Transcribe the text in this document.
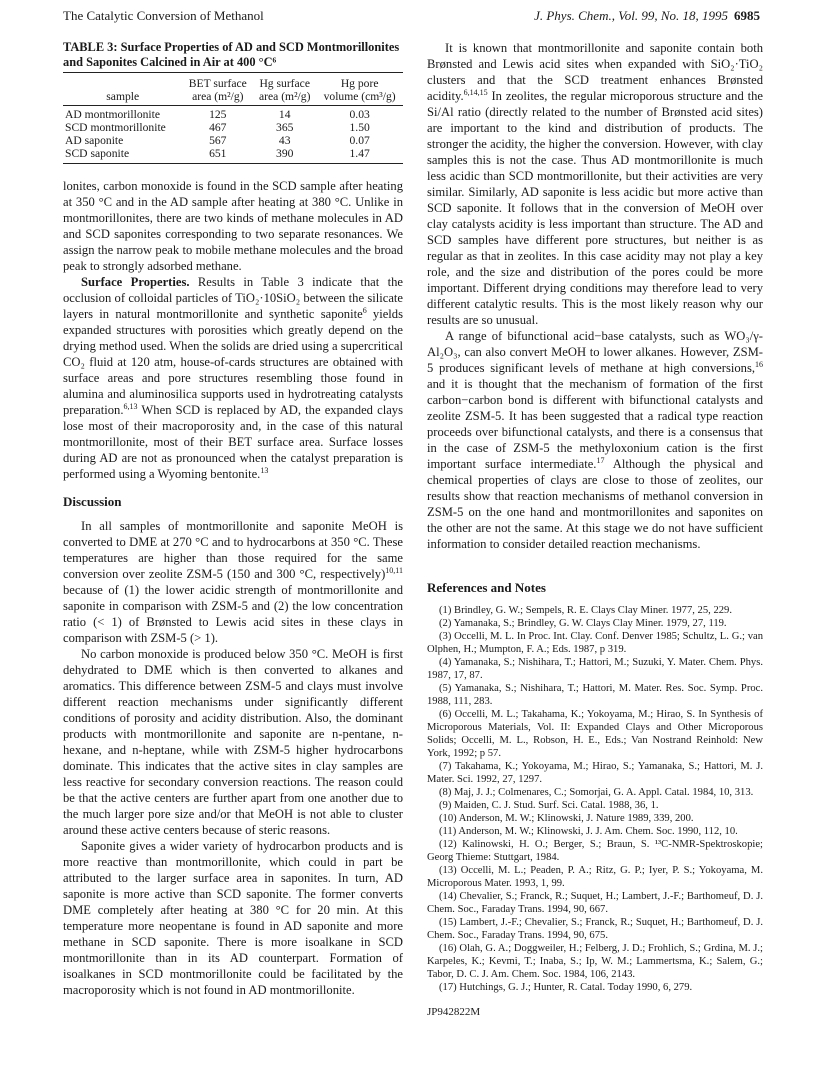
The Catalytic Conversion of Methanol	J. Phys. Chem., Vol. 99, No. 18, 1995 6985
TABLE 3: Surface Properties of AD and SCD Montmorillonites and Saponites Calcined in Air at 400 °C⁶
	BET surface	Hg surface	Hg pore
sample	area (m²/g)	area (m²/g)	volume (cm³/g)
AD montmorillonite	125	14	0.03
SCD montmorillonite	467	365	1.50
AD saponite	567	43	0.07
SCD saponite	651	390	1.47

lonites, carbon monoxide is found in the SCD sample after heating at 350 °C and in the AD sample after heating at 380 °C. Unlike in montmorillonites, there are two kinds of methane molecules in AD and SCD saponites corresponding to two separate resonances. We assign the narrow peak to mobile methane molecules and the broad peak to strongly adsorbed methane.

Surface Properties. Results in Table 3 indicate that the occlusion of colloidal particles of TiO₂·10SiO₂ between the silicate layers in natural montmorillonite and synthetic saponite$^6$ yields expanded structures with porosities which greatly depend on the drying method used. When the solids are dried using a supercritical CO₂ fluid at 120 atm, house-of-cards structures are obtained with surface areas and pore structures resembling those found in alumina and aluminosilica supports used in hydrotreating catalysts preparation.$^{6,13}$ When SCD is replaced by AD, the expanded clays lose most of their macroporosity and, in the case of this natural montmorillonite, most of their BET surface area. Surface losses during AD are not as pronounced when the catalyst preparation is performed using a Wyoming bentonite.$^{13}$

Discussion

In all samples of montmorillonite and saponite MeOH is converted to DME at 270 °C and to hydrocarbons at 350 °C. These temperatures are higher than those required for the same conversion over zeolite ZSM-5 (150 and 300 °C, respectively)$^{10,11}$ because of (1) the lower acidic strength of montmorillonite and saponite in comparison with ZSM-5 and (2) the low concentration ratio (< 1) of Brønsted to Lewis acid sites in these clays in comparison with ZSM-5 (> 1).

No carbon monoxide is produced below 350 °C. MeOH is first dehydrated to DME which is then converted to alkanes and aromatics. This difference between ZSM-5 and clays must involve different reaction mechanisms under significantly different conditions of porosity and acidity distribution. Also, the dominant products with montmorillonite and saponite are n-pentane, n-hexane, and n-heptane, while with ZSM-5 higher hydrocarbons dominate. This indicates that the active sites in clay samples are less reactive for secondary conversion reactions. The reason could be that the active centers are further apart from one another due to the much larger pore size and/or that MeOH is not able to cluster around these active centers because of steric reasons.

Saponite gives a wider variety of hydrocarbon products and is more reactive than montmorillonite, which could in part be attributed to the larger surface area in saponites. In turn, AD saponite is more active than SCD saponite. The former converts DME completely after heating at 380 °C for 20 min. At this temperature more neopentane is found in AD saponite and more methane in SCD saponite. There is more isoalkane in SCD montmorillonite than in its AD counterpart. Formation of isoalkanes in SCD montmorillonite could be facilitated by the macroporosity which is not found in AD montmorillonite.

It is known that montmorillonite and saponite contain both Brønsted and Lewis acid sites when expanded with SiO₂·TiO₂ clusters and that the SCD treatment enhances Brønsted acidity.$^{6,14,15}$ In zeolites, the regular microporous structure and the Si/Al ratio (directly related to the number of Brønsted acid sites) are important to the kind and distribution of products. The stronger the acidity, the higher the conversion. However, with clay samples this is not the case. Thus AD montmorillonite is much less acidic than SCD montmorillonite, but their activities are very similar. Similarly, AD saponite is less acidic but more active than SCD saponite. It follows that in the conversion of MeOH over clay catalysts acidity is less important than structure. The AD and SCD samples have different pore structures, but neither is as regular as that in zeolites. In this case acidity may not play a key role, and the size and distribution of the pores could be more important. Different drying conditions may therefore lead to very different catalytic results. This is the most likely reason why our results are so unusual.

A range of bifunctional acid−base catalysts, such as WO₃/γ-Al₂O₃, can also convert MeOH to lower alkanes. However, ZSM-5 produces significant levels of methane at high conversions,$^{16}$ and it is thought that the mechanism of formation of the first carbon−carbon bond is different with bifunctional catalysts and zeolite ZSM-5. It has been suggested that a radical type reaction proceeds over bifunctional catalysts, and there is a consensus that in the case of ZSM-5 the methyloxonium cation is the first important surface intermediate.$^{17}$ Although the physical and chemical properties of clays are close to those of zeolites, our results show that reaction mechanisms of methanol conversion in ZSM-5 on the one hand and montmorillonites and saponites on the other are not the same. At this stage we do not have sufficient information to consider detailed reaction mechanisms.

References and Notes

(1) Brindley, G. W.; Sempels, R. E. Clays Clay Miner. 1977, 25, 229.

(2) Yamanaka, S.; Brindley, G. W. Clays Clay Miner. 1979, 27, 119.

(3) Occelli, M. L. In Proc. Int. Clay. Conf. Denver 1985; Schultz, L. G.; van Olphen, H.; Mumpton, F. A.; Eds. 1987, p 319.

(4) Yamanaka, S.; Nishihara, T.; Hattori, M.; Suzuki, Y. Mater. Chem. Phys. 1987, 17, 87.

(5) Yamanaka, S.; Nishihara, T.; Hattori, M. Mater. Res. Soc. Symp. Proc. 1988, 111, 283.

(6) Occelli, M. L.; Takahama, K.; Yokoyama, M.; Hirao, S. In Synthesis of Microporous Materials, Vol. II: Expanded Clays and Other Microporous Solids; Occelli, M. L., Robson, H. E., Eds.; Van Nostrand Reinhold: New York, 1992; p 57.

(7) Takahama, K.; Yokoyama, M.; Hirao, S.; Yamanaka, S.; Hattori, M. J. Mater. Sci. 1992, 27, 1297.

(8) Maj, J. J.; Colmenares, C.; Somorjai, G. A. Appl. Catal. 1984, 10, 313.

(9) Maiden, C. J. Stud. Surf. Sci. Catal. 1988, 36, 1.

(10) Anderson, M. W.; Klinowski, J. Nature 1989, 339, 200.

(11) Anderson, M. W.; Klinowski, J. J. Am. Chem. Soc. 1990, 112, 10.

(12) Kalinowski, H. O.; Berger, S.; Braun, S. ¹³C-NMR-Spektroskopie; Georg Thieme: Stuttgart, 1984.

(13) Occelli, M. L.; Peaden, P. A.; Ritz, G. P.; Iyer, P. S.; Yokoyama, M. Microporous Mater. 1993, 1, 99.

(14) Chevalier, S.; Franck, R.; Suquet, H.; Lambert, J.-F.; Barthomeuf, D. J. Chem. Soc., Faraday Trans. 1994, 90, 667.

(15) Lambert, J.-F.; Chevalier, S.; Franck, R.; Suquet, H.; Barthomeuf, D. J. Chem. Soc., Faraday Trans. 1994, 90, 675.

(16) Olah, G. A.; Doggweiler, H.; Felberg, J. D.; Frohlich, S.; Grdina, M. J.; Karpeles, K.; Kevmi, T.; Inaba, S.; Ip, W. M.; Lammertsma, K.; Salem, G.; Tabor, D. C. J. Am. Chem. Soc. 1984, 106, 2143.

(17) Hutchings, G. J.; Hunter, R. Catal. Today 1990, 6, 279.

JP942822M
